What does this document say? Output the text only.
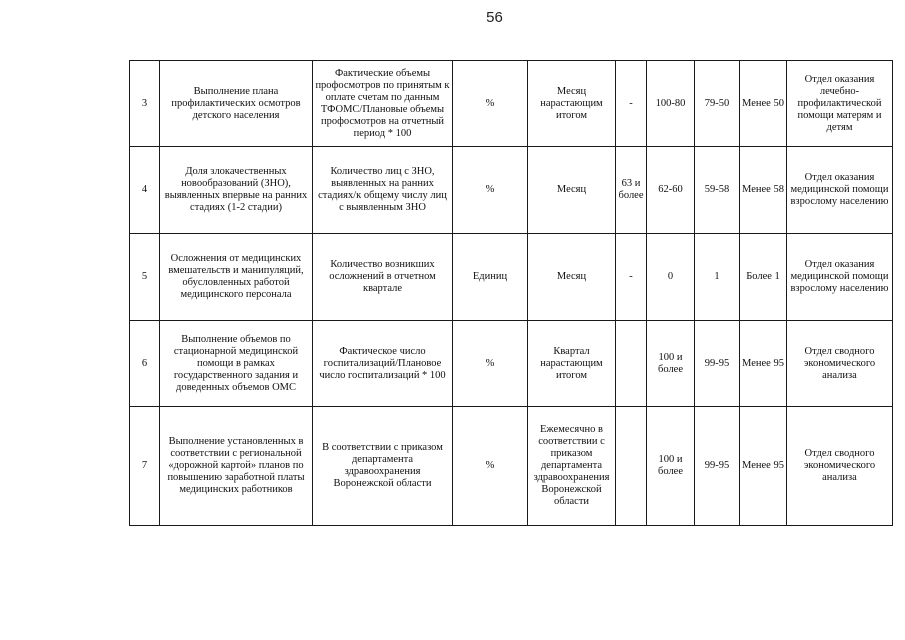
56
3	Выполнение плана профилактических осмотров детского населения	Фактические объемы профосмотров по принятым к оплате счетам по данным ТФОМС/Плановые объемы профосмотров на отчетный период * 100	%	Месяц нарастающим итогом	-	100-80	79-50	Менее 50	Отдел оказания лечебно-профилактической помощи матерям и детям
4	Доля злокачественных новообразований (ЗНО), выявленных впервые на ранних стадиях (1-2 стадии)	Количество лиц с ЗНО, выявленных на ранних стадиях/к общему числу лиц с выявленным ЗНО	%	Месяц	63 и более	62-60	59-58	Менее 58	Отдел оказания медицинской помощи взрослому населению
5	Осложнения от медицинских вмешательств и манипуляций, обусловленных работой медицинского персонала	Количество возникших осложнений в отчетном квартале	Единиц	Месяц	-	0	1	Более 1	Отдел оказания медицинской помощи взрослому населению
6	Выполнение объемов по стационарной медицинской помощи в рамках государственного задания и доведенных объемов ОМС	Фактическое число госпитализаций/Плановое число госпитализаций * 100	%	Квартал нарастающим итогом		100 и более	99-95	Менее 95	Отдел сводного экономического анализа
7	Выполнение установленных в соответствии с региональной «дорожной картой» планов по повышению заработной платы медицинских работников	В соответствии с приказом департамента здравоохранения Воронежской области	%	Ежемесячно в соответствии с приказом департамента здравоохранения Воронежской области		100 и более	99-95	Менее 95	Отдел сводного экономического анализа
